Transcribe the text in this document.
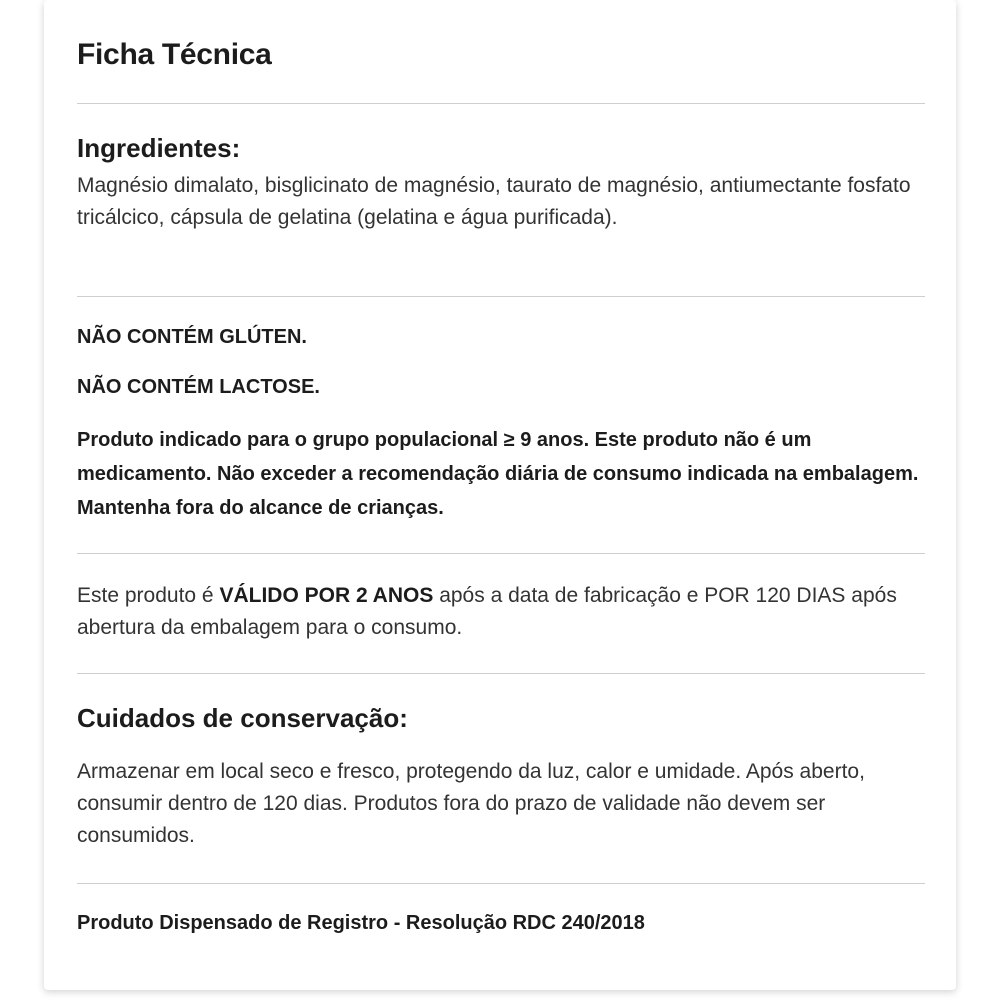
Ficha Técnica
Ingredientes:
Magnésio dimalato, bisglicinato de magnésio, taurato de magnésio, antiumectante fosfato tricálcico, cápsula de gelatina (gelatina e água purificada).
NÃO CONTÉM GLÚTEN.
NÃO CONTÉM LACTOSE.
Produto indicado para o grupo populacional ≥ 9 anos. Este produto não é um medicamento. Não exceder a recomendação diária de consumo indicada na embalagem. Mantenha fora do alcance de crianças.
Este produto é VÁLIDO POR 2 ANOS após a data de fabricação e POR 120 DIAS após abertura da embalagem para o consumo.
Cuidados de conservação:
Armazenar em local seco e fresco, protegendo da luz, calor e umidade. Após aberto, consumir dentro de 120 dias. Produtos fora do prazo de validade não devem ser consumidos.
Produto Dispensado de Registro - Resolução RDC 240/2018
